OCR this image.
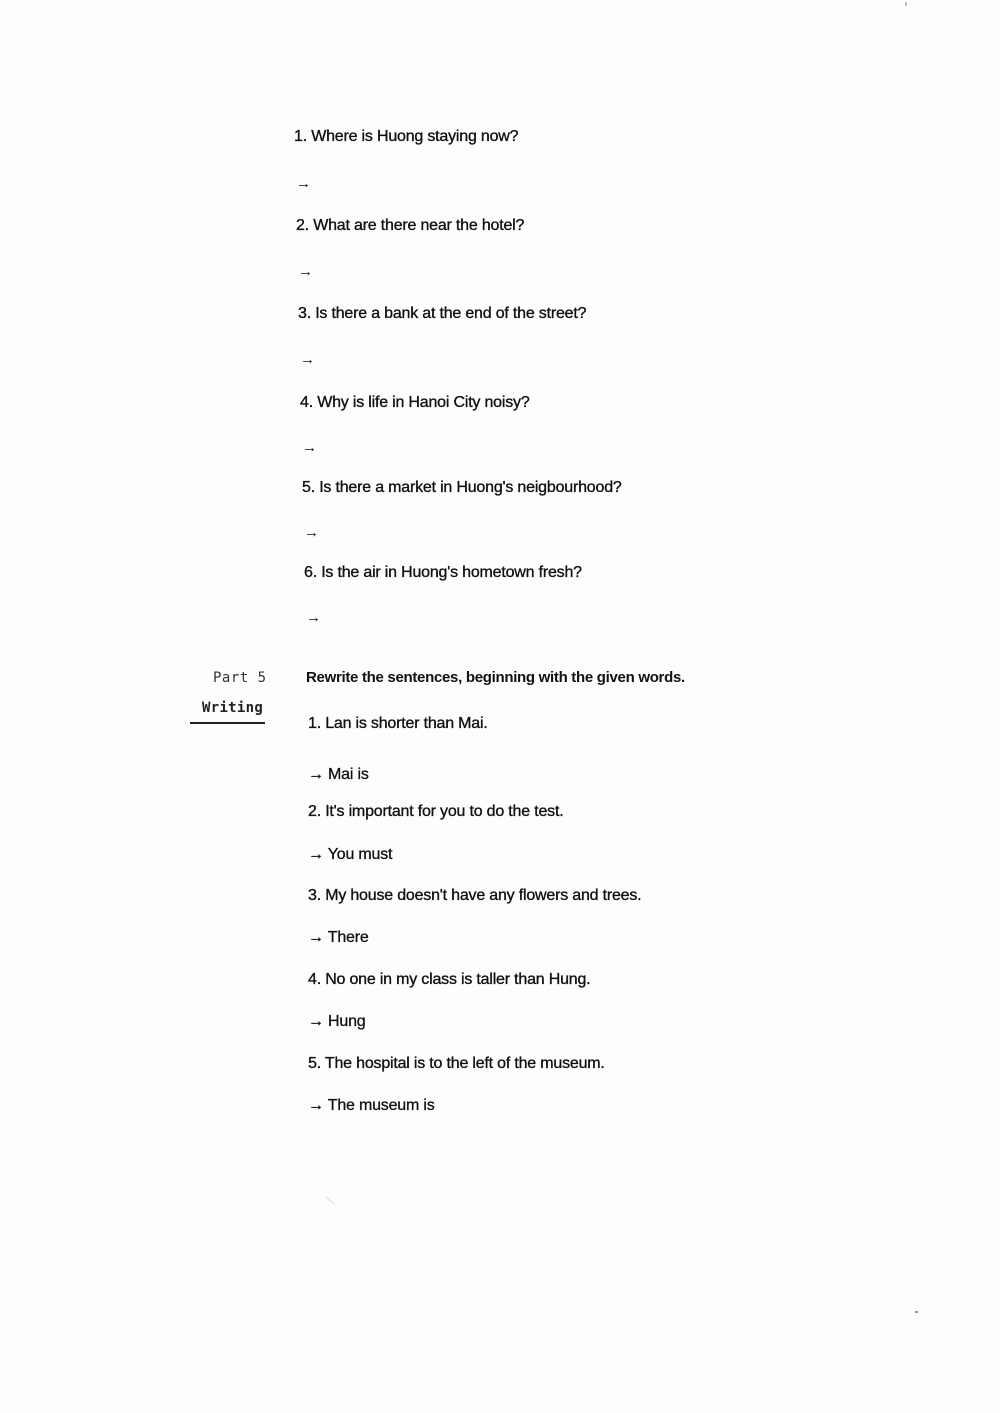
1. Where is Huong staying now?
→
2. What are there near the hotel?
→
3. Is there a bank at the end of the street?
→
4. Why is life in Hanoi City noisy?
→
5. Is there a market in Huong's neigbourhood?
→
6. Is the air in Huong's hometown fresh?
→
Part 5
Writing
Rewrite the sentences, beginning with the given words.
1. Lan is shorter than Mai.
→ Mai is
2. It's important for you to do the test.
→ You must
3. My house doesn't have any flowers and trees.
→ There
4. No one in my class is taller than Hung.
→ Hung
5. The hospital is to the left of the museum.
→ The museum is
